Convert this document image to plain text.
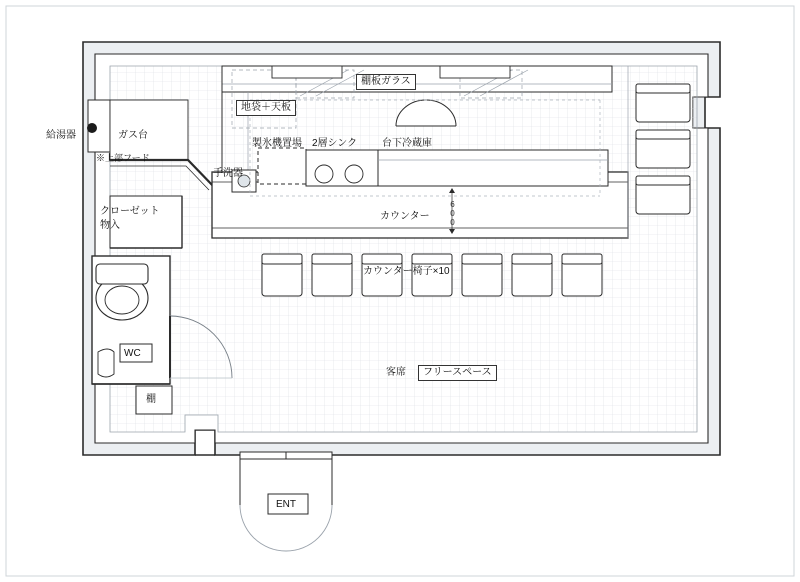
給湯器	ガス台
※上部フード
クローゼット
物入
WC
棚
手洗器
製氷機置場 2層シンク 台下冷蔵庫
地袋＋天板
棚板ガラス
カウンター 600
カウンター椅子×10
客席	フリースペース
ENT
